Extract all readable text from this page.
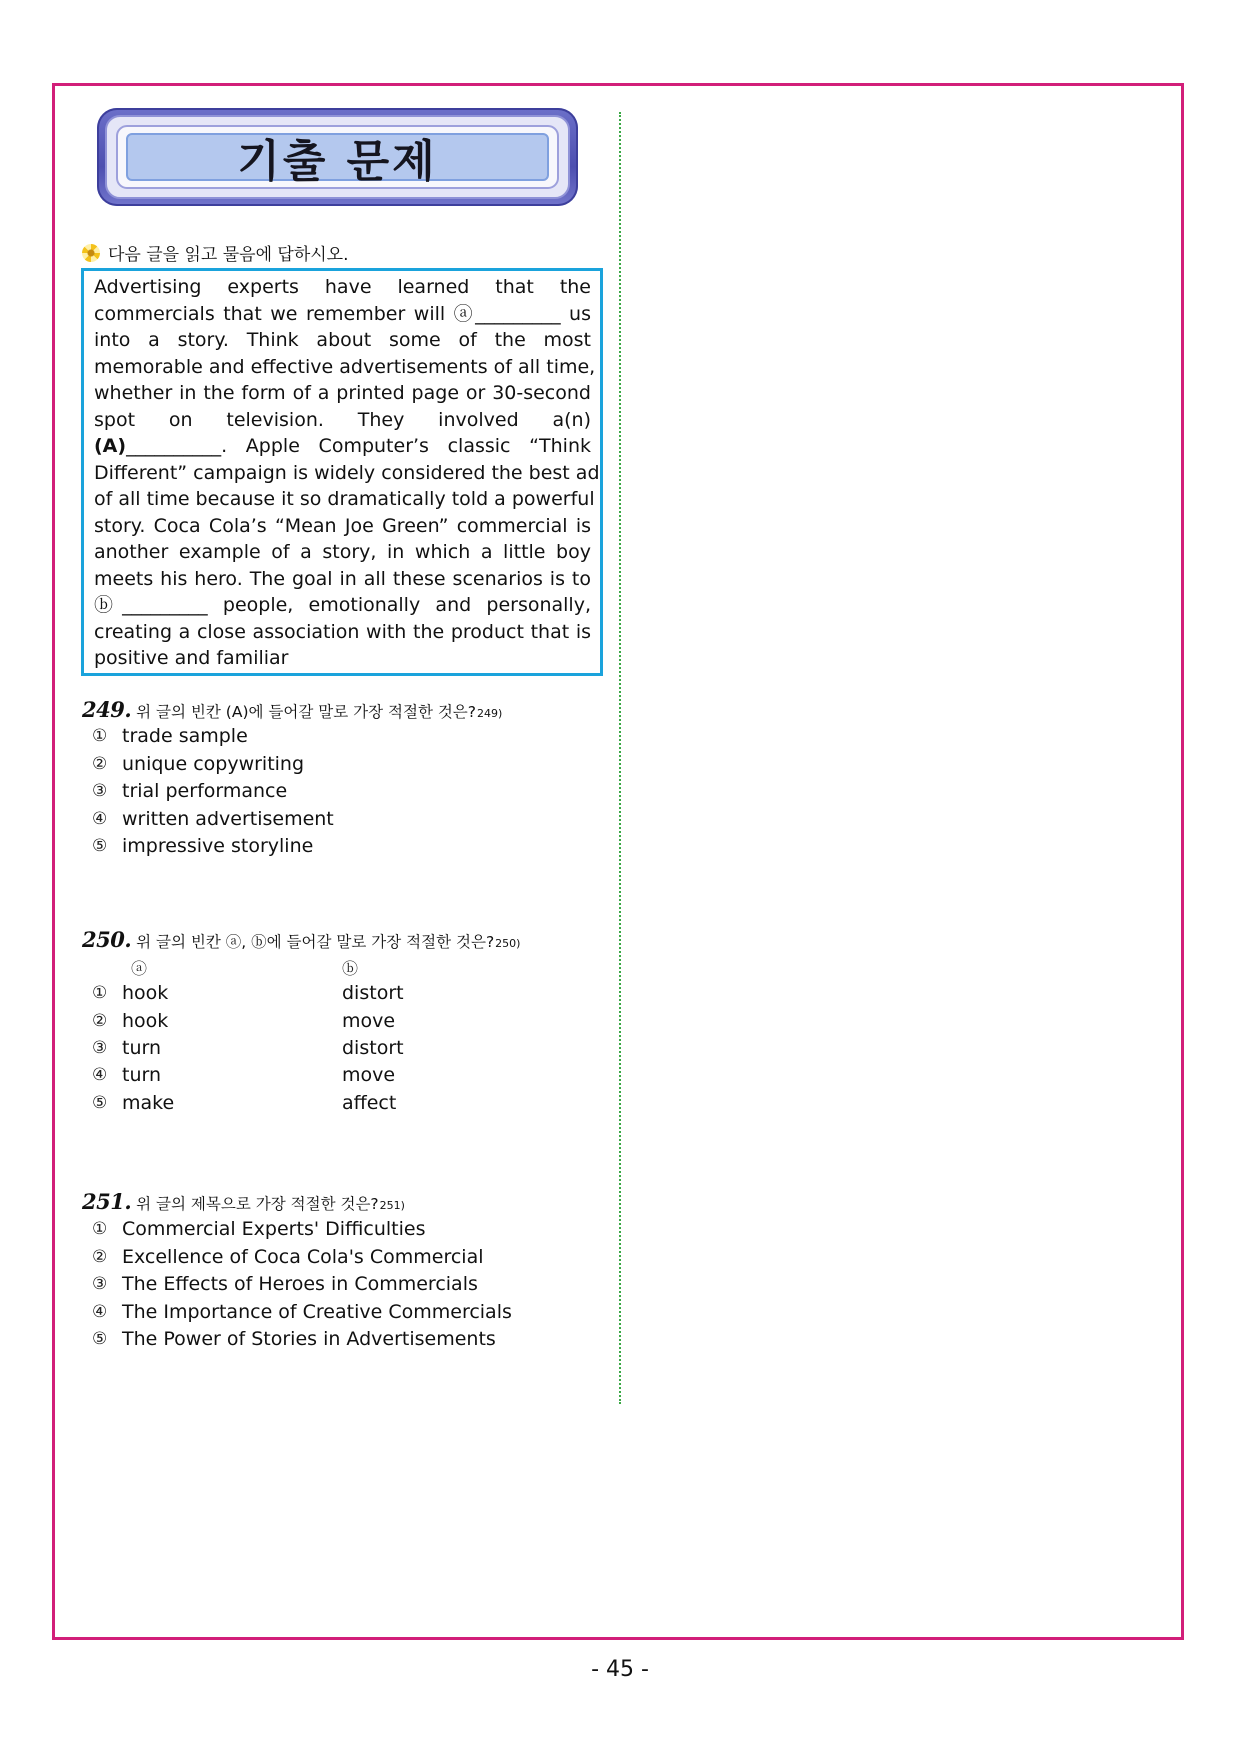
기출 문제
다음 글을 읽고 물음에 답하시오.
Advertising experts have learned that the
commercials that we remember will ⓐ_________ us
into a story. Think about some of the most
memorable and effective advertisements of all time,
whether in the form of a printed page or 30-second
spot on television. They involved a(n)
(A)__________. Apple Computer’s classic “Think
Different” campaign is widely considered the best ad
of all time because it so dramatically told a powerful
story. Coca Cola’s “Mean Joe Green” commercial is
another example of a story, in which a little boy
meets his hero. The goal in all these scenarios is to
ⓑ_________ people, emotionally and personally,
creating a close association with the product that is
positive and familiar
249. 위 글의 빈칸 (A)에 들어갈 말로 가장 적절한 것은? 249)
① trade sample
② unique copywriting
③ trial performance
④ written advertisement
⑤ impressive storyline
250. 위 글의 빈칸 ⓐ, ⓑ에 들어갈 말로 가장 적절한 것은? 250)
ⓐ	ⓑ
① hook	distort
② hook	move
③ turn	distort
④ turn	move
⑤ make	affect
251. 위 글의 제목으로 가장 적절한 것은? 251)
① Commercial Experts' Difficulties
② Excellence of Coca Cola's Commercial
③ The Effects of Heroes in Commercials
④ The Importance of Creative Commercials
⑤ The Power of Stories in Advertisements
- 45 -
